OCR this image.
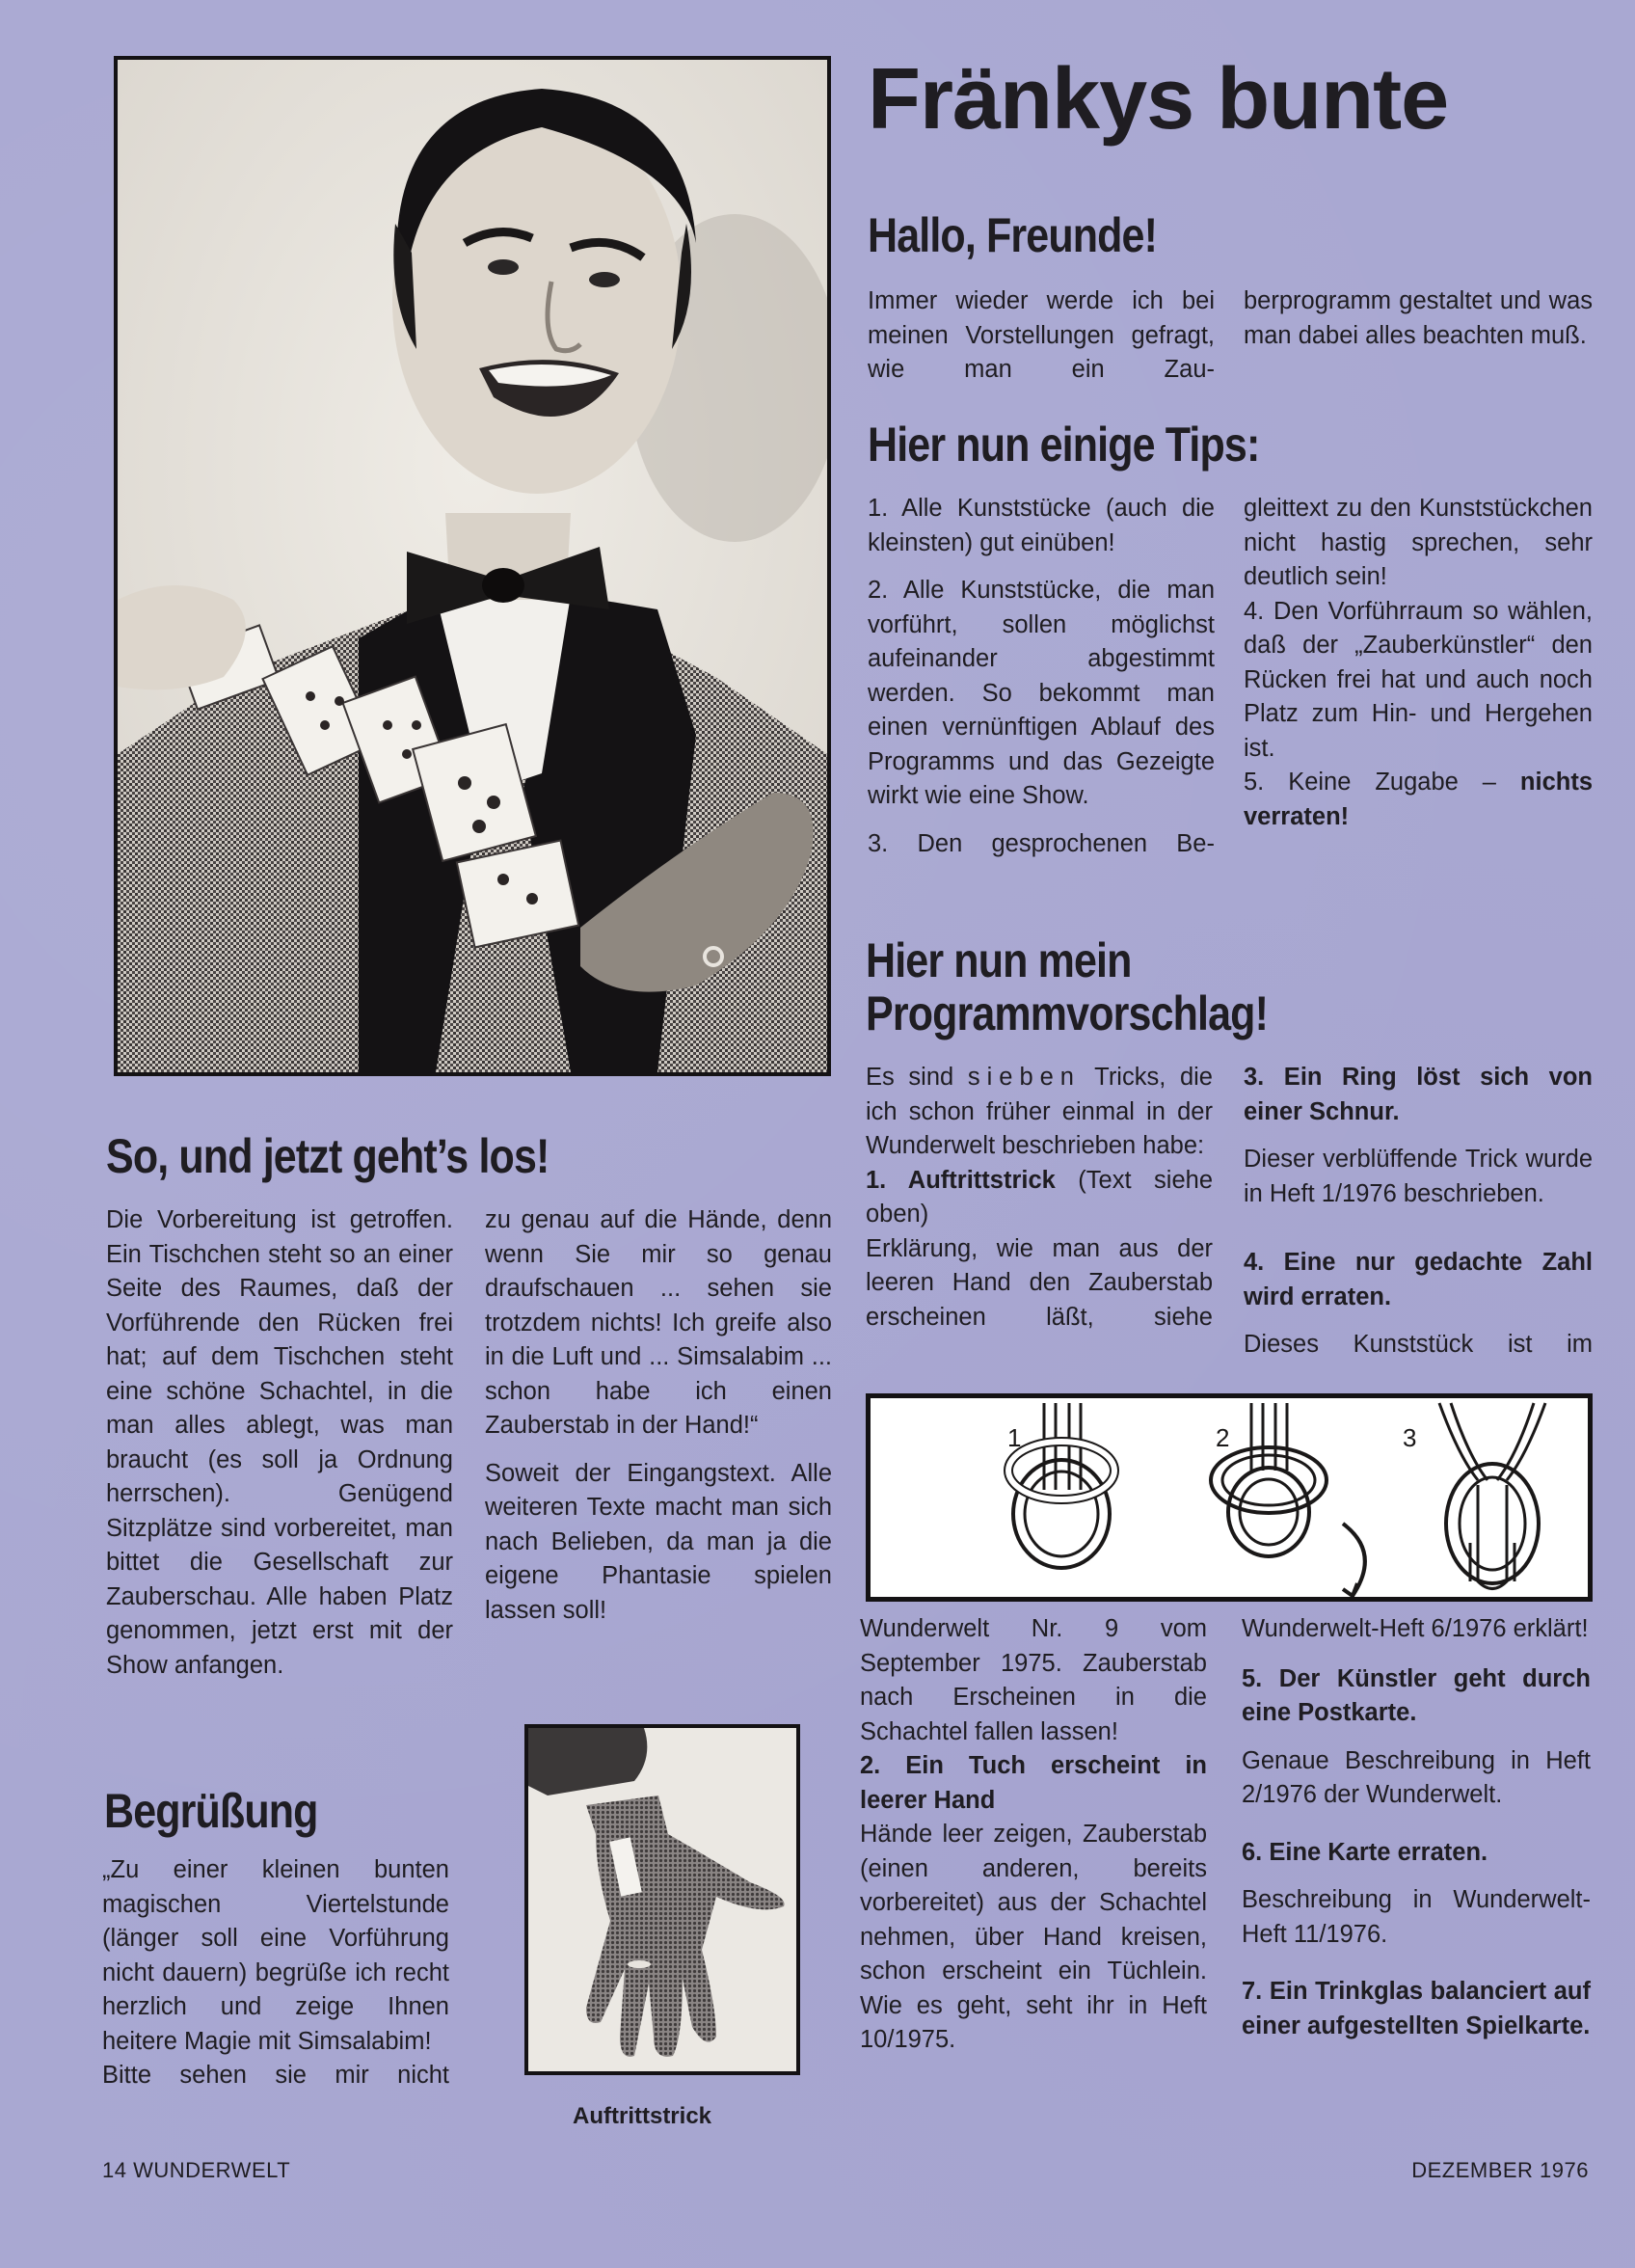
Fränkys bunte
Hallo, Freunde!

Immer wieder werde ich bei meinen Vorstellungen gefragt, wie man ein Zau-

berprogramm gestaltet und was man dabei alles beachten muß.

Hier nun einige Tips:

1. Alle Kunststücke (auch die kleinsten) gut einüben!

2. Alle Kunststücke, die man vorführt, sollen möglichst aufeinander abgestimmt werden. So bekommt man einen vernünftigen Ablauf des Programms und das Gezeigte wirkt wie eine Show.

3. Den gesprochenen Be-

gleittext zu den Kunststückchen nicht hastig sprechen, sehr deutlich sein!

4. Den Vorführraum so wählen, daß der „Zauberkünstler“ den Rücken frei hat und auch noch Platz zum Hin- und Hergehen ist.

5. Keine Zugabe – nichts verraten!

Hier nun mein
Programmvorschlag!

Es sind sieben Tricks, die ich schon früher einmal in der Wunderwelt beschrieben habe:

1. Auftrittstrick (Text siehe oben)

Erklärung, wie man aus der leeren Hand den Zauberstab erscheinen läßt, siehe

3. Ein Ring löst sich von einer Schnur.

Dieser verblüffende Trick wurde in Heft 1/1976 beschrieben.

4. Eine nur gedachte Zahl wird erraten.

Dieses Kunststück ist im

1	2	3

Wunderwelt Nr. 9 vom September 1975. Zauberstab nach Erscheinen in die Schachtel fallen lassen!

2. Ein Tuch erscheint in leerer Hand

Hände leer zeigen, Zauberstab (einen anderen, bereits vorbereitet) aus der Schachtel nehmen, über Hand kreisen, schon erscheint ein Tüchlein. Wie es geht, seht ihr in Heft 10/1975.

Wunderwelt-Heft 6/1976 erklärt!

5. Der Künstler geht durch eine Postkarte.

Genaue Beschreibung in Heft 2/1976 der Wunderwelt.

6. Eine Karte erraten.

Beschreibung in Wunderwelt-Heft 11/1976.

7. Ein Trinkglas balanciert auf einer aufgestellten Spielkarte.

So, und jetzt geht’s los!

Die Vorbereitung ist getroffen. Ein Tischchen steht so an einer Seite des Raumes, daß der Vorführende den Rücken frei hat; auf dem Tischchen steht eine schöne Schachtel, in die man alles ablegt, was man braucht (es soll ja Ordnung herrschen). Genügend Sitzplätze sind vorbereitet, man bittet die Gesellschaft zur Zauberschau. Alle haben Platz genommen, jetzt erst mit der Show anfangen.

zu genau auf die Hände, denn wenn Sie mir so genau draufschauen ... sehen sie trotzdem nichts! Ich greife also in die Luft und ... Simsalabim ... schon habe ich einen Zauberstab in der Hand!“

Soweit der Eingangstext. Alle weiteren Texte macht man sich nach Belieben, da man ja die eigene Phantasie spielen lassen soll!

Begrüßung

„Zu einer kleinen bunten magischen Viertelstunde (länger soll eine Vorführung nicht dauern) begrüße ich recht herzlich und zeige Ihnen heitere Magie mit Simsalabim!

Bitte sehen sie mir nicht

Auftrittstrick
14 WUNDERWELT	DEZEMBER 1976
